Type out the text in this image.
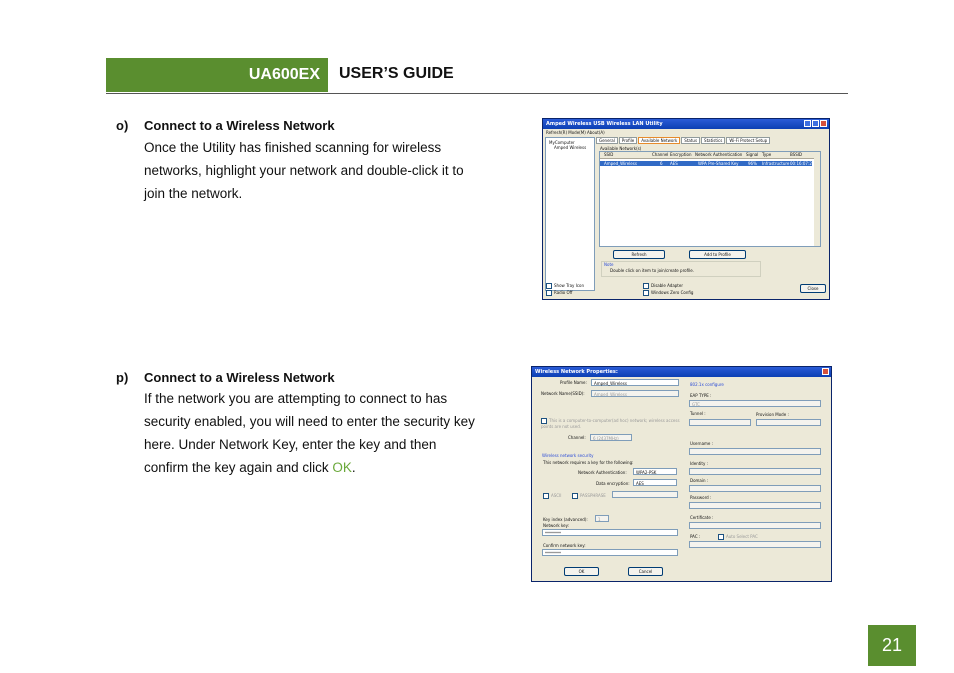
UA600EX USER’S GUIDE
o) Connect to a Wireless Network
Once the Utility has finished scanning for wireless
networks, highlight your network and double-click it to
join the network.
p) Connect to a Wireless Network
If the network you are attempting to connect to has
security enabled, you will need to enter the security key
here. Under Network Key, enter the key and then
confirm the key again and click OK.
Amped Wireless USB Wireless LAN Utility
Refresh(R) Mode(M) About(A)
MyComputer
Amped Wireless
General	Profile	Available Network	Status	Statistics	Wi-Fi Protect Setup
Available Network(s)
SSID	Channel Encryption Network Authentication Signal Type	BSSID
Amped_Wireless	6 AES	WPA Pre-Shared Key 96% Infrastructure 00:16:07:20
Refresh	Add to Profile
Note
Double click on item to join/create profile.
Show Tray Icon
Radio Off
Disable Adapter
Windows Zero Config
Close
Wireless Network Properties:
Profile Name:	Amped_Wireless
Network Name(SSID):	Amped_Wireless
This is a computer-to-computer(ad hoc) network; wireless access points are not used.
Channel:	6 (2437MHz)
Wireless network security
This network requires a key for the following:
Network Authentication:	WPA2-PSK
Data encryption:	AES
ASCII	PASSPHRASE
Key index (advanced):	1
Network key:
********
Confirm network key:
********
OK	Cancel
802.1x configure
EAP TYPE :
GTC
Tunnel :	Provision Mode :
Username :
Identity :
Domain :
Password :
Certificate :
PAC :	Auto Select PAC
21
